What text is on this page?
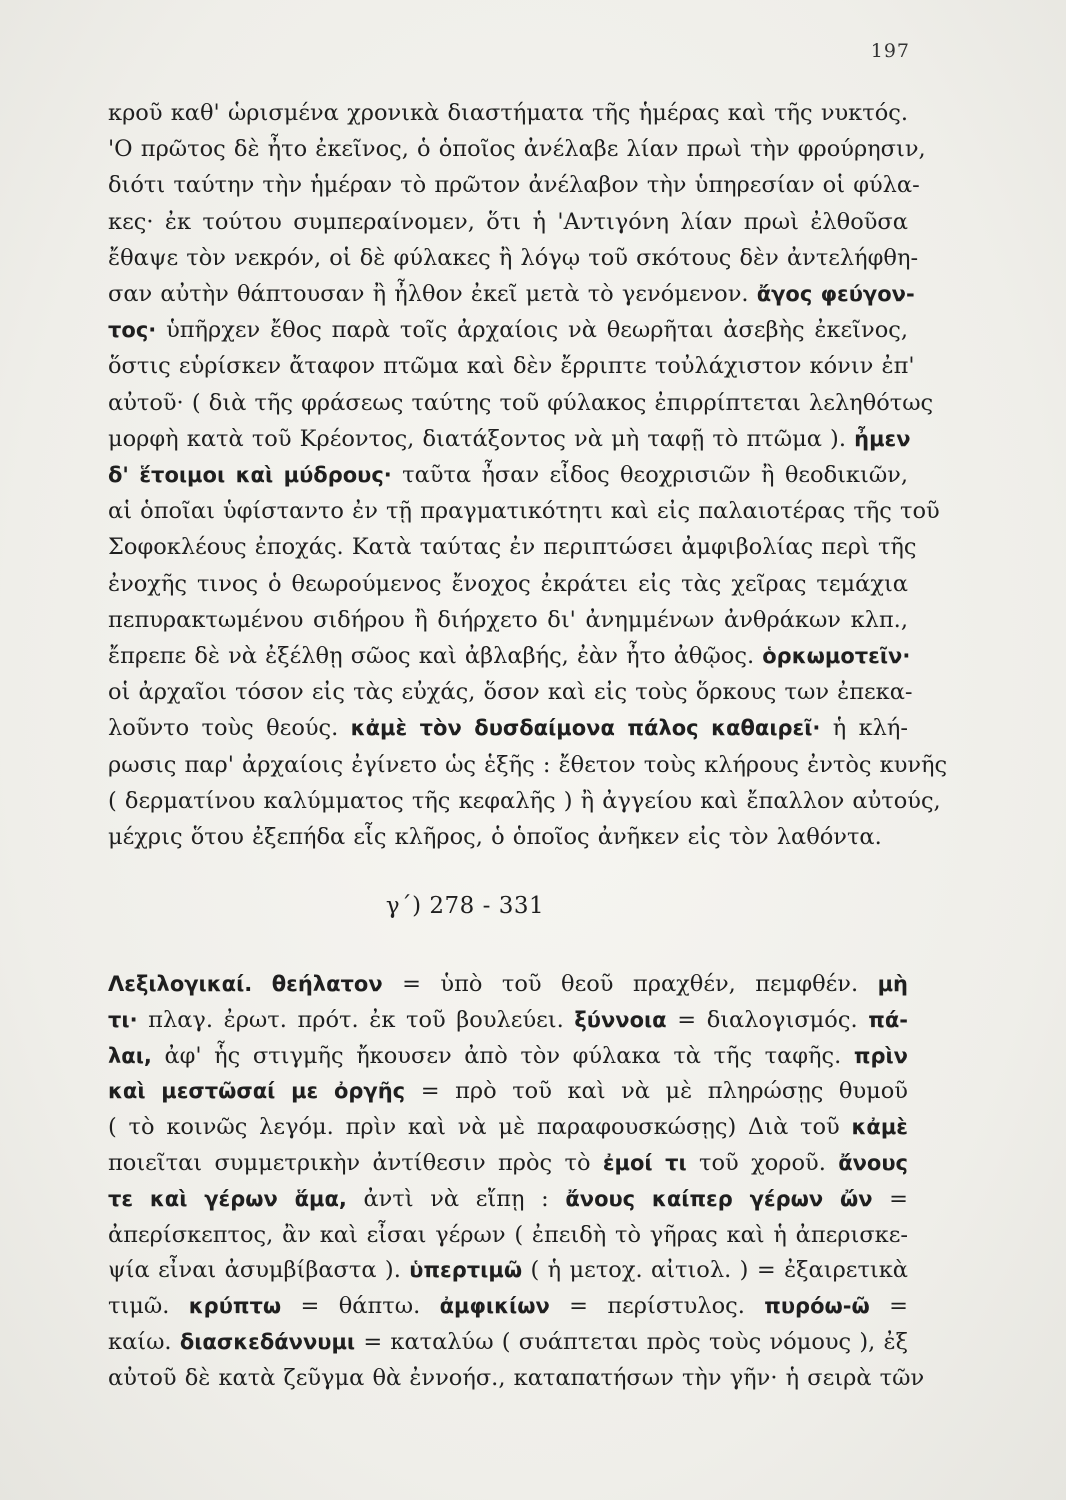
197
κροῦ καθ' ὡρισμένα χρονικὰ διαστήματα τῆς ἡμέρας καὶ τῆς νυκτός.
'Ο πρῶτος δὲ ἦτο ἐκεῖνος, ὁ ὁποῖος ἀνέλαβε λίαν πρωὶ τὴν φρούρησιν,
διότι ταύτην τὴν ἡμέραν τὸ πρῶτον ἀνέλαβον τὴν ὑπηρεσίαν οἱ φύλα-
κες· ἐκ τούτου συμπεραίνομεν, ὅτι ἡ 'Αντιγόνη λίαν πρωὶ ἐλθοῦσα
ἔθαψε τὸν νεκρόν, οἱ δὲ φύλακες ἢ λόγῳ τοῦ σκότους δὲν ἀντελήφθη-
σαν αὐτὴν θάπτουσαν ἢ ἦλθον ἐκεῖ μετὰ τὸ γενόμενον. ἄγος φεύγον-
τος· ὑπῆρχεν ἔθος παρὰ τοῖς ἀρχαίοις νὰ θεωρῆται ἀσεβὴς ἐκεῖνος,
ὅστις εὑρίσκεν ἄταφον πτῶμα καὶ δὲν ἔρριπτε τοὐλάχιστον κόνιν ἐπ'
αὐτοῦ· ( διὰ τῆς φράσεως ταύτης τοῦ φύλακος ἐπιρρίπτεται λεληθότως
μορφὴ κατὰ τοῦ Κρέοντος, διατάξοντος νὰ μὴ ταφῇ τὸ πτῶμα ). ἦμεν
δ' ἕτοιμοι καὶ μύδρους· ταῦτα ἦσαν εἶδος θεοχρισιῶν ἢ θεοδικιῶν,
αἱ ὁποῖαι ὑφίσταντο ἐν τῇ πραγματικότητι καὶ εἰς παλαιοτέρας τῆς τοῦ
Σοφοκλέους ἐποχάς. Κατὰ ταύτας ἐν περιπτώσει ἀμφιβολίας περὶ τῆς
ἐνοχῆς τινος ὁ θεωρούμενος ἔνοχος ἐκράτει εἰς τὰς χεῖρας τεμάχια
πεπυρακτωμένου σιδήρου ἢ διήρχετο δι' ἀνημμένων ἀνθράκων κλπ.,
ἔπρεπε δὲ νὰ ἐξέλθῃ σῶος καὶ ἀβλαβής, ἐὰν ἦτο ἀθῷος. ὁρκωμοτεῖν·
οἱ ἀρχαῖοι τόσον εἰς τὰς εὐχάς, ὅσον καὶ εἰς τοὺς ὅρκους των ἐπεκα-
λοῦντο τοὺς θεούς. κἀμὲ τὸν δυσδαίμονα πάλος καθαιρεῖ· ἡ κλή-
ρωσις παρ' ἀρχαίοις ἐγίνετο ὡς ἑξῆς : ἔθετον τοὺς κλήρους ἐντὸς κυνῆς
( δερματίνου καλύμματος τῆς κεφαλῆς ) ἢ ἀγγείου καὶ ἔπαλλον αὐτούς,
μέχρις ὅτου ἐξεπήδα εἷς κλῆρος, ὁ ὁποῖος ἀνῆκεν εἰς τὸν λαθόντα.
γ΄) 278 - 331
Λεξιλογικαί. θεήλατον = ὑπὸ τοῦ θεοῦ πραχθέν, πεμφθέν. μὴ
τι· πλαγ. ἐρωτ. πρότ. ἐκ τοῦ βουλεύει. ξύννοια = διαλογισμός. πά-
λαι, ἀφ' ἧς στιγμῆς ἤκουσεν ἀπὸ τὸν φύλακα τὰ τῆς ταφῆς. πρὶν
καὶ μεστῶσαί με ὀργῆς = πρὸ τοῦ καὶ νὰ μὲ πληρώσῃς θυμοῦ
( τὸ κοινῶς λεγόμ. πρὶν καὶ νὰ μὲ παραφουσκώσῃς) Διὰ τοῦ κἀμὲ
ποιεῖται συμμετρικὴν ἀντίθεσιν πρὸς τὸ ἐμοί τι τοῦ χοροῦ. ἄνους
τε καὶ γέρων ἅμα, ἀντὶ νὰ εἴπῃ : ἄνους καίπερ γέρων ὤν =
ἀπερίσκεπτος, ἂν καὶ εἶσαι γέρων ( ἐπειδὴ τὸ γῆρας καὶ ἡ ἀπερισκε-
ψία εἶναι ἀσυμβίβαστα ). ὑπερτιμῶ ( ἡ μετοχ. αἰτιολ. ) = ἐξαιρετικὰ
τιμῶ. κρύπτω = θάπτω. ἀμφικίων = περίστυλος. πυρόω-ῶ =
καίω. διασκεδάννυμι = καταλύω ( συάπτεται πρὸς τοὺς νόμους ), ἐξ
αὐτοῦ δὲ κατὰ ζεῦγμα θὰ ἐννοήσ., καταπατήσων τὴν γῆν· ἡ σειρὰ τῶν
